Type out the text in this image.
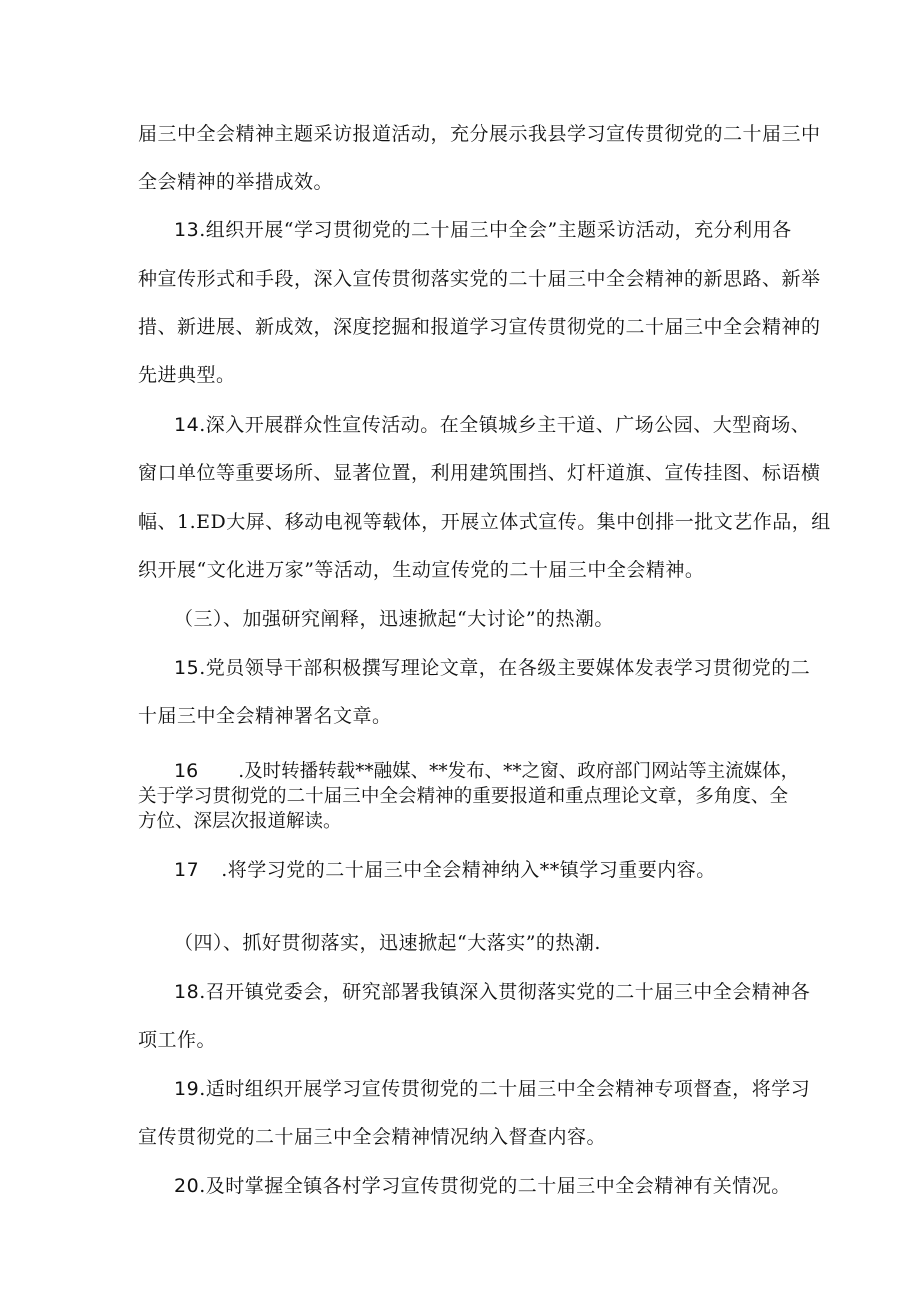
届三中全会精神主题采访报道活动，充分展示我县学习宣传贯彻党的二十届三中
全会精神的举措成效。
13.组织开展“学习贯彻党的二十届三中全会”主题采访活动，充分利用各
种宣传形式和手段，深入宣传贯彻落实党的二十届三中全会精神的新思路、新举
措、新进展、新成效，深度挖掘和报道学习宣传贯彻党的二十届三中全会精神的
先进典型。
14.深入开展群众性宣传活动。在全镇城乡主干道、广场公园、大型商场、
窗口单位等重要场所、显著位置，利用建筑围挡、灯杆道旗、宣传挂图、标语横
幅、1.ED大屏、移动电视等载体，开展立体式宣传。集中创排一批文艺作品，组
织开展“文化进万家”等活动，生动宣传党的二十届三中全会精神。
（三）、加强研究阐释，迅速掀起“大讨论”的热潮。
15.党员领导干部积极撰写理论文章，在各级主要媒体发表学习贯彻党的二
十届三中全会精神署名文章。
16 .及时转播转载**融媒、**发布、**之窗、政府部门网站等主流媒体，
关于学习贯彻党的二十届三中全会精神的重要报道和重点理论文章，多角度、全
方位、深层次报道解读。
17 .将学习党的二十届三中全会精神纳入**镇学习重要内容。
（四）、抓好贯彻落实，迅速掀起“大落实”的热潮.
18.召开镇党委会，研究部署我镇深入贯彻落实党的二十届三中全会精神各
项工作。
19.适时组织开展学习宣传贯彻党的二十届三中全会精神专项督查，将学习
宣传贯彻党的二十届三中全会精神情况纳入督查内容。
20.及时掌握全镇各村学习宣传贯彻党的二十届三中全会精神有关情况。
